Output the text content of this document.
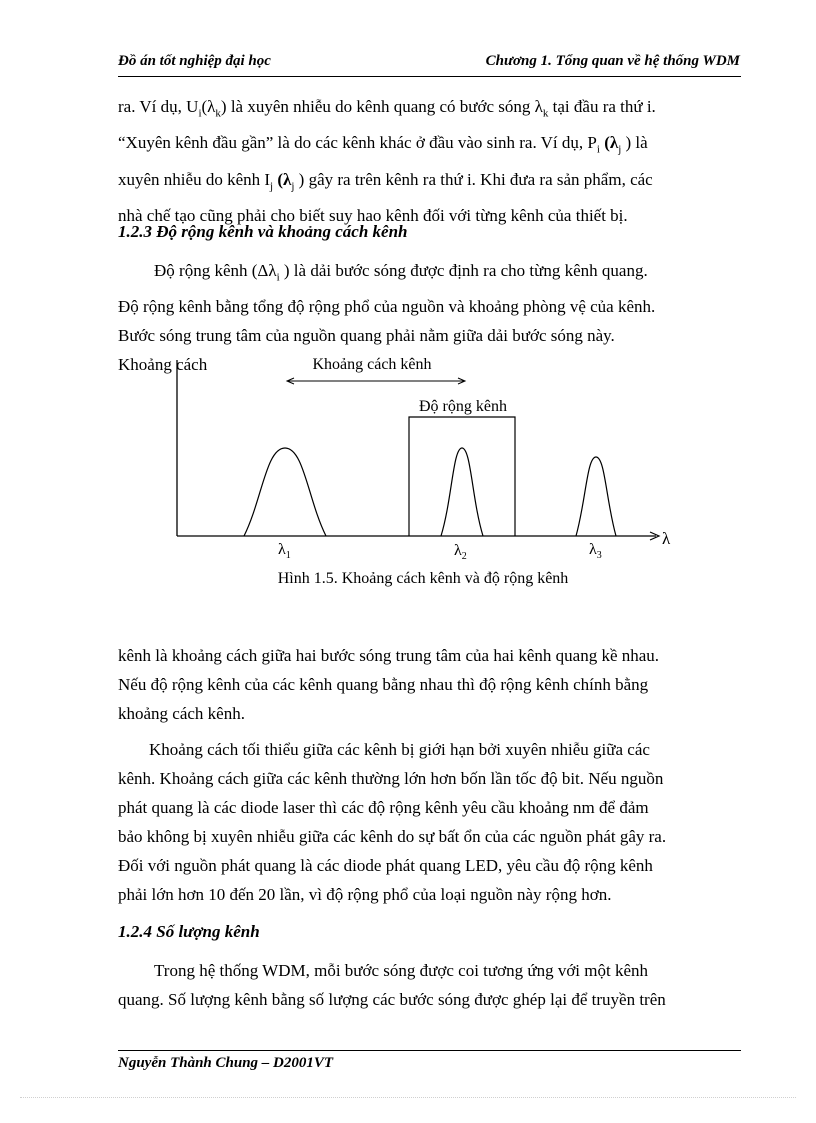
Đồ án tốt nghiệp đại học	Chương 1. Tổng quan về hệ thống WDM
ra. Ví dụ, $U_i(\lambda_k)$ là xuyên nhiễu do kênh quang có bước sóng $\lambda_k$ tại đầu ra thứ i.
“Xuyên kênh đầu gần” là do các kênh khác ở đầu vào sinh ra. Ví dụ, $P_i$ ($\lambda_j$ ) là
xuyên nhiễu do kênh $I_j$ ($\lambda_j$ ) gây ra trên kênh ra thứ i. Khi đưa ra sản phẩm, các
nhà chế tạo cũng phải cho biết suy hao kênh đối với từng kênh của thiết bị.
1.2.3 Độ rộng kênh và khoảng cách kênh
Độ rộng kênh ($\Delta\lambda_i$ ) là dải bước sóng được định ra cho từng kênh quang.
Độ rộng kênh bằng tổng độ rộng phổ của nguồn và khoảng phòng vệ của kênh.
Bước sóng trung tâm của nguồn quang phải nằm giữa dải bước sóng này.
Khoảng cách
λ
Khoảng cách kênh
Độ rộng kênh
$\lambda_1$	$\lambda_2$	$\lambda_3$
Hình 1.5. Khoảng cách kênh và độ rộng kênh
kênh là khoảng cách giữa hai bước sóng trung tâm của hai kênh quang kề nhau.
Nếu độ rộng kênh của các kênh quang bằng nhau thì độ rộng kênh chính bằng
khoảng cách kênh.
Khoảng cách tối thiểu giữa các kênh bị giới hạn bởi xuyên nhiễu giữa các
kênh. Khoảng cách giữa các kênh thường lớn hơn bốn lần tốc độ bit. Nếu nguồn
phát quang là các diode laser thì các độ rộng kênh yêu cầu khoảng nm để đảm
bảo không bị xuyên nhiễu giữa các kênh do sự bất ổn của các nguồn phát gây ra.
Đối với nguồn phát quang là các diode phát quang LED, yêu cầu độ rộng kênh
phải lớn hơn 10 đến 20 lần, vì độ rộng phổ của loại nguồn này rộng hơn.
1.2.4 Số lượng kênh
Trong hệ thống WDM, mỗi bước sóng được coi tương ứng với một kênh
quang. Số lượng kênh bằng số lượng các bước sóng được ghép lại để truyền trên
Nguyễn Thành Chung – D2001VT
